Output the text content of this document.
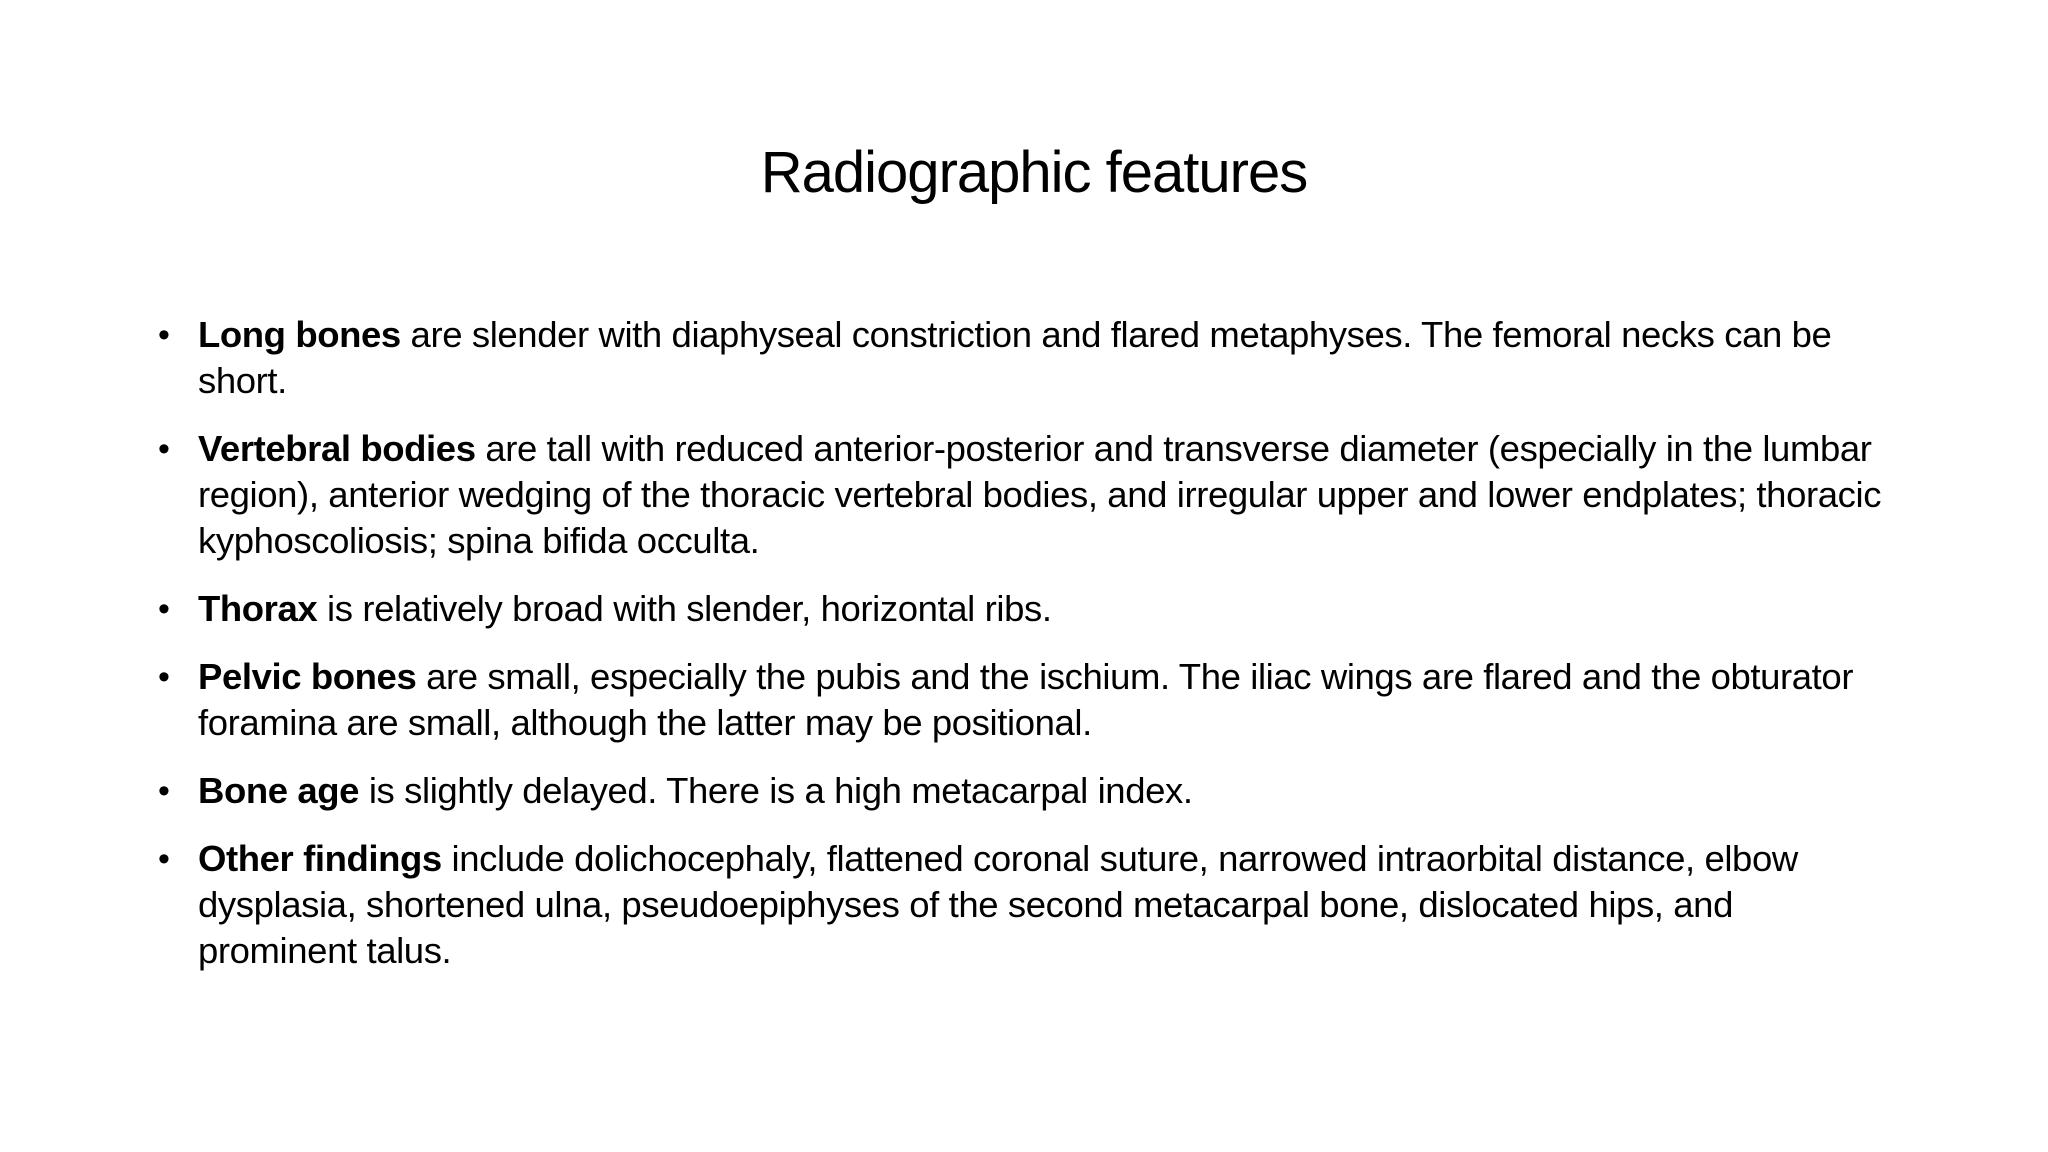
Radiographic features
• Long bones are slender with diaphyseal constriction and flared metaphyses. The femoral necks can be short.
• Vertebral bodies are tall with reduced anterior-posterior and transverse diameter (especially in the lumbar region), anterior wedging of the thoracic vertebral bodies, and irregular upper and lower endplates; thoracic kyphoscoliosis; spina bifida occulta.
• Thorax is relatively broad with slender, horizontal ribs.
• Pelvic bones are small, especially the pubis and the ischium. The iliac wings are flared and the obturator foramina are small, although the latter may be positional.
• Bone age is slightly delayed. There is a high metacarpal index.
• Other findings include dolichocephaly, flattened coronal suture, narrowed intraorbital distance, elbow dysplasia, shortened ulna, pseudoepiphyses of the second metacarpal bone, dislocated hips, and prominent talus.
